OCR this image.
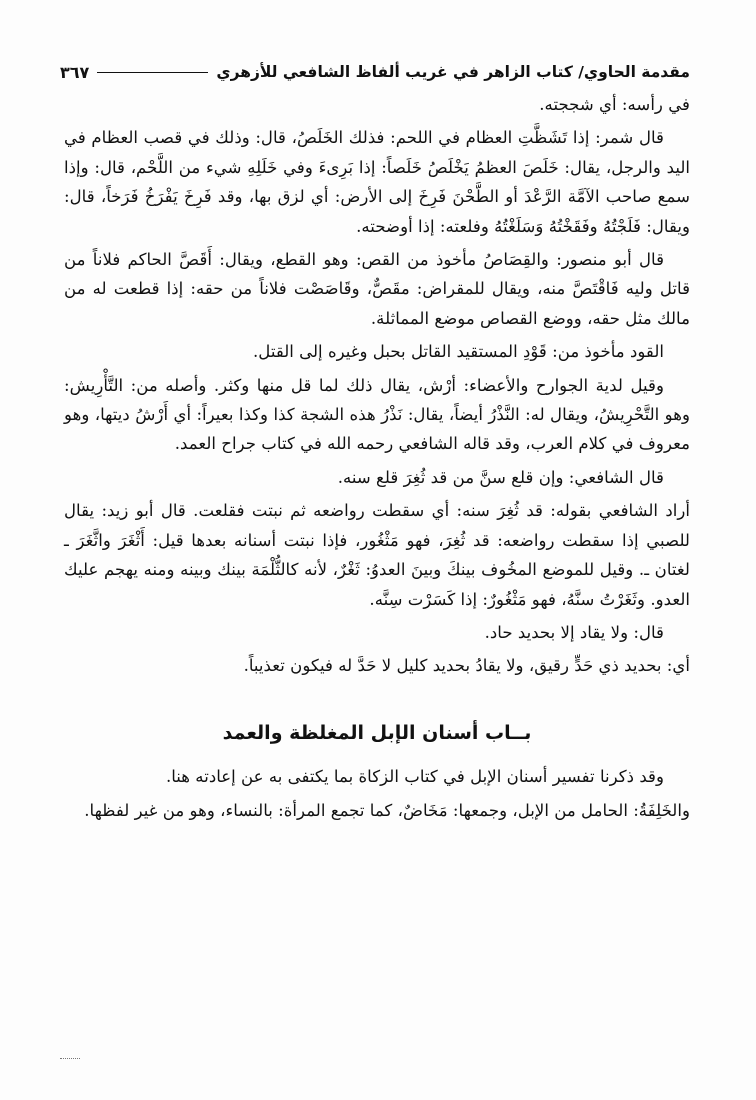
مقدمة الحاوي/ كتاب الزاهر في غريب ألفاظ الشافعي للأزهري
٣٦٧

في رأسه: أي شججته.

قال شمر: إذا تَشَظَّتِ العظام في اللحم: فذلك الخَلَصُ، قال: وذلك في قصب العظام في اليد والرجل، يقال: خَلَصَ العظمُ يَخْلَصُ خَلَصاً: إذا بَرِىءَ وفي خَلَلِهِ شيء من اللَّحْم، قال: وإذا سمع صاحب الآمَّة الرَّعْدَ أو الطَّحْنَ فَرِخَ إلى الأرض: أي لزق بها، وقد فَرِخَ يَفْرَخُ فَرَخاً، قال: ويقال: فَلَجْتُهُ وفَقَخْتُهُ وَسَلَغْتُهُ وفلعته: إذا أوضحته.

قال أبو منصور: والقِصَاصُ مأخوذ من القص: وهو القطع، ويقال: أَقَصَّ الحاكم فلاناً من قاتل وليه فَاقْتَصَّ منه، ويقال للمقراض: مقَصٌّ، وقَاصَصْت فلاناً من حقه: إذا قطعت له من مالك مثل حقه، ووضع القصاص موضع المماثلة.

القود مأخوذ من: قَوْدِ المستقيد القاتل بحبل وغيره إلى القتل.

وقيل لدية الجوارح والأعضاء: أرْش، يقال ذلك لما قل منها وكثر. وأصله من: التَّأْرِيش: وهو التَّحْرِيشُ، ويقال له: النَّذْرُ أيضاً، يقال: نَذْرُ هذه الشجة كذا وكذا بعيراً: أي أَرْشُ ديتها، وهو معروف في كلام العرب، وقد قاله الشافعي رحمه الله في كتاب جراح العمد.

قال الشافعي: وإن قلع سنَّ من قد ثُغِرَ قلع سنه.

أراد الشافعي بقوله: قد ثُغِرَ سنه: أي سقطت رواضعه ثم نبتت فقلعت. قال أبو زيد: يقال للصبي إذا سقطت رواضعه: قد ثُغِرَ، فهو مَثْغُور، فإذا نبتت أسنانه بعدها قيل: أَثْغَرَ واثَّغَرَ ـ لغتان ـ. وقيل للموضع المخُوف بينكَ وبينَ العدوُ: ثَغْرٌ، لأنه كالثُّلْمَة بينك وبينه ومنه يهجم عليك العدو. وثَغَرْتُ سنَّهُ، فهو مَثْغُورٌ: إذا كَسَرْت سِنَّه.

قال: ولا يقاد إلا بحديد حاد.

أي: بحديد ذي حَدٍّ رقيق، ولا يقادُ بحديد كليل لا حَدَّ له فيكون تعذيباً.

بــاب أسنان الإبل المغلظة والعمد

وقد ذكرنا تفسير أسنان الإبل في كتاب الزكاة بما يكتفى به عن إعادته هنا.

والخَلِفَةُ: الحامل من الإبل، وجمعها: مَخَاضٌ، كما تجمع المرأة: بالنساء، وهو من غير لفظها.
